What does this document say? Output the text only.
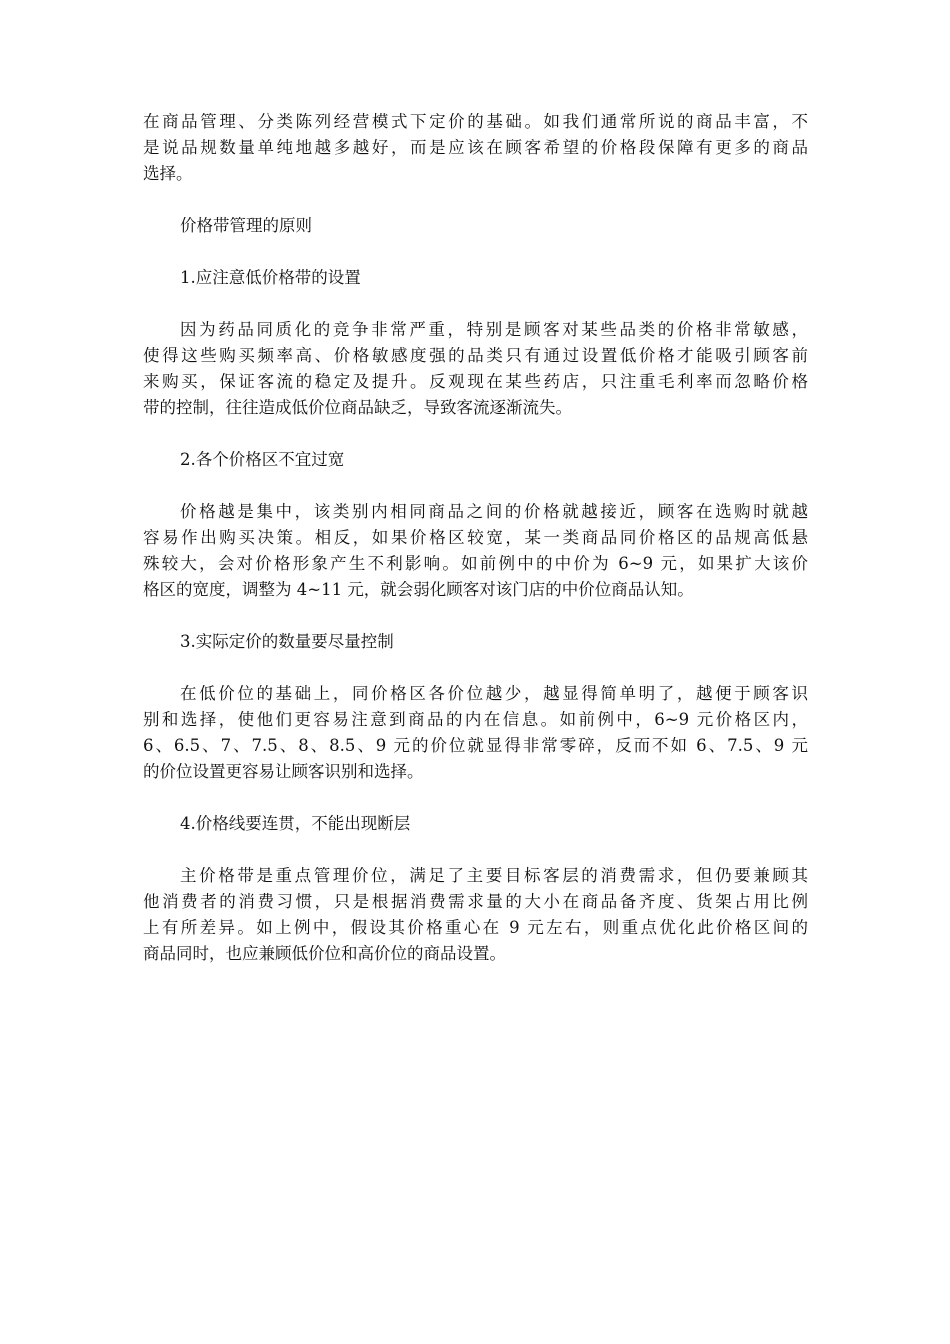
在商品管理、分类陈列经营模式下定价的基础。如我们通常所说的商品丰富，不
是说品规数量单纯地越多越好，而是应该在顾客希望的价格段保障有更多的商品
选择。

价格带管理的原则

1.应注意低价格带的设置

因为药品同质化的竞争非常严重，特别是顾客对某些品类的价格非常敏感，
使得这些购买频率高、价格敏感度强的品类只有通过设置低价格才能吸引顾客前
来购买，保证客流的稳定及提升。反观现在某些药店，只注重毛利率而忽略价格
带的控制，往往造成低价位商品缺乏，导致客流逐渐流失。

2.各个价格区不宜过宽

价格越是集中，该类别内相同商品之间的价格就越接近，顾客在选购时就越
容易作出购买决策。相反，如果价格区较宽，某一类商品同价格区的品规高低悬
殊较大，会对价格形象产生不利影响。如前例中的中价为 6~9 元，如果扩大该价
格区的宽度，调整为 4~11 元，就会弱化顾客对该门店的中价位商品认知。

3.实际定价的数量要尽量控制

在低价位的基础上，同价格区各价位越少，越显得简单明了，越便于顾客识
别和选择，使他们更容易注意到商品的内在信息。如前例中，6~9 元价格区内，
6、6.5、7、7.5、8、8.5、9 元的价位就显得非常零碎，反而不如 6、7.5、9 元
的价位设置更容易让顾客识别和选择。

4.价格线要连贯，不能出现断层

主价格带是重点管理价位，满足了主要目标客层的消费需求，但仍要兼顾其
他消费者的消费习惯，只是根据消费需求量的大小在商品备齐度、货架占用比例
上有所差异。如上例中，假设其价格重心在 9 元左右，则重点优化此价格区间的
商品同时，也应兼顾低价位和高价位的商品设置。
